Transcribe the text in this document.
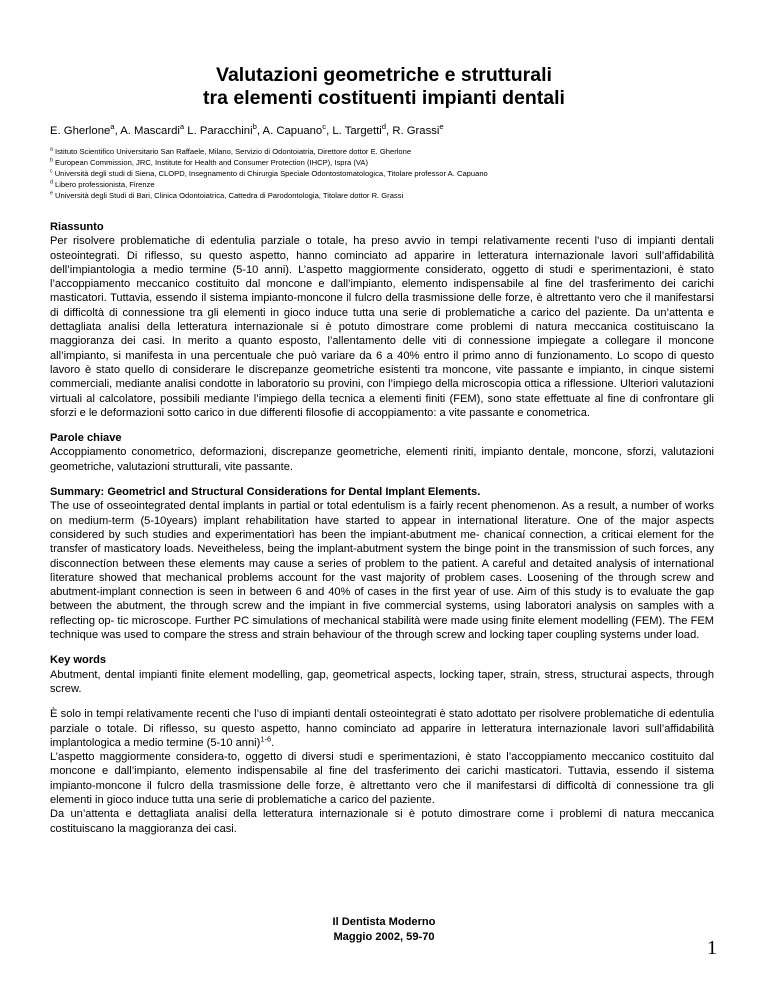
Valutazioni geometriche e strutturali
tra elementi costituenti impianti dentali
E. Gherlone$^a$, A. Mascardi$^a$ L. Paracchini$^b$, A. Capuano$^c$, L. Targetti$^d$, R. Grassi$^e$
$^a$ Istituto Scientifico Universitario San Raffaele, Milano, Servizio di Odontoiatria, Direttore dottor E. Gherlone
$^b$ European Commission, JRC, Institute for Health and Consumer Protection (IHCP), Ispra (VA)
$^c$ Università degli studi di Siena, CLOPD, Insegnamento di Chirurgia Speciale Odontostomatologica, Titolare professor A. Capuano
$^d$ Libero professionista, Firenze
$^e$ Università degli Studi di Bari, Clinica Odontoiatrica, Cattedra di Parodontologia, Titolare dottor R. Grassi
Riassunto

Per risolvere problematiche di edentulia parziale o totale, ha preso avvio in tempi relativamente recenti l’uso di impianti dentali osteointegrati. Di riflesso, su questo aspetto, hanno cominciato ad apparire in letteratura internazionale lavori sull’affidabilità dell’impiantologia a medio termine (5-10 anni). L’aspetto maggiormente considerato, oggetto di studi e sperimentazioni, è stato l’accoppiamento meccanico costituito dal moncone e dall’impianto, elemento indispensabile al fine del trasferimento dei carichi masticatori. Tuttavia, essendo il sistema impianto-moncone il fulcro della trasmissione delle forze, è altrettanto vero che il manifestarsi di difficoltà di connessione tra gli elementi in gioco induce tutta una serie di problematiche a carico del paziente. Da un’attenta e dettagliata analisi della letteratura internazionale si è potuto dimostrare come problemi di natura meccanica costituiscano la maggioranza dei casi. In merito a quanto esposto, l’allentamento delle viti di connessione impiegate a collegare il moncone all’impianto, si manifesta in una percentuale che può variare da 6 a 40% entro il primo anno di funzionamento. Lo scopo di questo lavoro è stato quello di considerare le discrepanze geometriche esistenti tra moncone, vite passante e impianto, in cinque sistemi commerciali, mediante analisi condotte in laboratorio su provini, con l’impiego della microscopia ottica a riflessione. Ulteriori valutazioni virtuali al calcolatore, possibili mediante l’impiego della tecnica a elementi finiti (FEM), sono state effettuate al fine di confrontare gli sforzi e le deformazioni sotto carico in due differenti filosofie di accoppiamento: a vite passante e conometrica.

Parole chiave

Accoppiamento conometrico, deformazioni, discrepanze geometriche, elementi riniti, impianto dentale, moncone, sforzi, valutazioni geometriche, valutazioni strutturali, vite passante.

Summary: Geometricl and Structural Considerations for Dental Implant Elements.

The use of osseointegrated dental implants in partial or total edentulism is a fairly recent phenomenon. As a result, a number of works on medium-term (5-10years) implant rehabilitation have started to appear in international literature. One of the major aspects considered by such studies and experimentatiorì has been the impiant-abutment me- chanicaí connection, a criticai element for the transfer of masticatory loads. Neveitheless, being the implant-abutment system the binge point in the transmission of such forces, any disconnectíon between these elements may cause a series of problem to the patient. A careful and detaited analysis of international lìterature showed that mechanical problems account for the vast majority of problem cases. Loosening of the through screw and abutment-implant connection is seen in between 6 and 40% of cases in the first year of use. Aim of this study is to evaluate the gap between the abutment, the through screw and the impiant in five commercial systems, using laboratori analysis on samples with a reflecting op- tic microscope. Further PC simulations of mechanical stabilità were made using finite element modelling (FEM). The FEM technique was used to compare the stress and strain behaviour of the through screw and locking taper coupling systems under load.

Key words

Abutment, dental impianti finite element modelling, gap, geometrical aspects, locking taper, strain, stress, structurai aspects, through screw.

È solo in tempi relativamente recenti che l’uso di impianti dentali osteointegrati è stato adottato per risolvere problematiche di edentulia parziale o totale. Di riflesso, su questo aspetto, hanno cominciato ad apparire in letteratura internazionale lavori sull’affidabilità implantologica a medio termine (5-10 anni)$^{1-6}$.

L’aspetto maggiormente considera-to, oggetto di diversi studi e sperimentazioni, è stato l’accoppiamento meccanico costituito dal moncone e dall’impianto, elemento indispensabile al fine del trasferimento dei carichi masticatori. Tuttavia, essendo il sistema impianto-moncone il fulcro della trasmissione delle forze, è altrettanto vero che il manifestarsi di difficoltà di connessione tra gli elementi in gioco induce tutta una serie di problematiche a carico del paziente.

Da un’attenta e dettagliata analisi della letteratura internazionale si è potuto dimostrare come i problemi di natura meccanica costituiscano la maggioranza dei casi.

Il Dentista Moderno
Maggio 2002, 59-70	1
